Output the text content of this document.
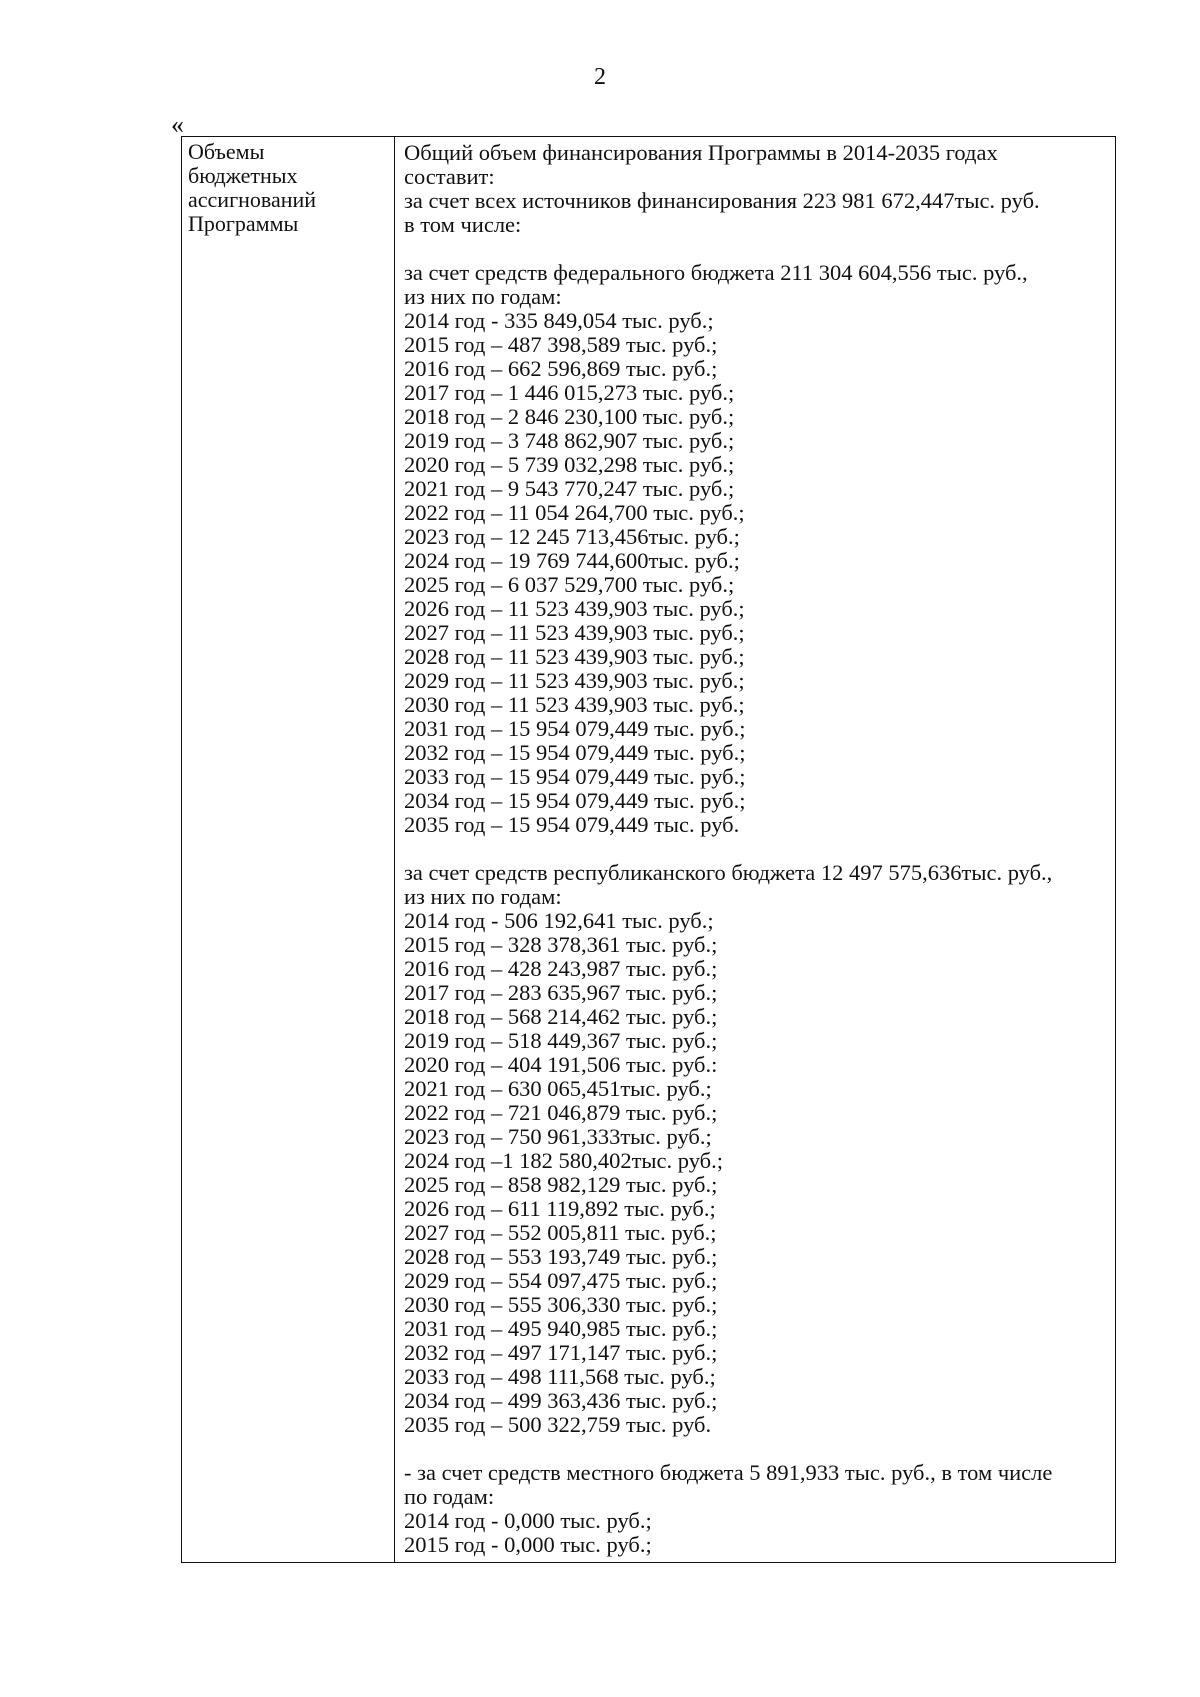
2
«
Объемы
бюджетных
ассигнований
Программы
Общий объем финансирования Программы в 2014-2035 годах
составит:
за счет всех источников финансирования 223 981 672,447тыс. руб.
в том числе:
за счет средств федерального бюджета 211 304 604,556 тыс. руб.,
из них по годам:
2014 год - 335 849,054 тыс. руб.;
2015 год – 487 398,589 тыс. руб.;
2016 год – 662 596,869 тыс. руб.;
2017 год – 1 446 015,273 тыс. руб.;
2018 год – 2 846 230,100 тыс. руб.;
2019 год – 3 748 862,907 тыс. руб.;
2020 год – 5 739 032,298 тыс. руб.;
2021 год – 9 543 770,247 тыс. руб.;
2022 год – 11 054 264,700 тыс. руб.;
2023 год – 12 245 713,456тыс. руб.;
2024 год – 19 769 744,600тыс. руб.;
2025 год – 6 037 529,700 тыс. руб.;
2026 год – 11 523 439,903 тыс. руб.;
2027 год – 11 523 439,903 тыс. руб.;
2028 год – 11 523 439,903 тыс. руб.;
2029 год – 11 523 439,903 тыс. руб.;
2030 год – 11 523 439,903 тыс. руб.;
2031 год – 15 954 079,449 тыс. руб.;
2032 год – 15 954 079,449 тыс. руб.;
2033 год – 15 954 079,449 тыс. руб.;
2034 год – 15 954 079,449 тыс. руб.;
2035 год – 15 954 079,449 тыс. руб.
за счет средств республиканского бюджета 12 497 575,636тыс. руб.,
из них по годам:
2014 год - 506 192,641 тыс. руб.;
2015 год – 328 378,361 тыс. руб.;
2016 год – 428 243,987 тыс. руб.;
2017 год – 283 635,967 тыс. руб.;
2018 год – 568 214,462 тыс. руб.;
2019 год – 518 449,367 тыс. руб.;
2020 год – 404 191,506 тыс. руб.:
2021 год – 630 065,451тыс. руб.;
2022 год – 721 046,879 тыс. руб.;
2023 год – 750 961,333тыс. руб.;
2024 год –1 182 580,402тыс. руб.;
2025 год – 858 982,129 тыс. руб.;
2026 год – 611 119,892 тыс. руб.;
2027 год – 552 005,811 тыс. руб.;
2028 год – 553 193,749 тыс. руб.;
2029 год – 554 097,475 тыс. руб.;
2030 год – 555 306,330 тыс. руб.;
2031 год – 495 940,985 тыс. руб.;
2032 год – 497 171,147 тыс. руб.;
2033 год – 498 111,568 тыс. руб.;
2034 год – 499 363,436 тыс. руб.;
2035 год – 500 322,759 тыс. руб.
- за счет средств местного бюджета 5 891,933 тыс. руб., в том числе
по годам:
2014 год - 0,000 тыс. руб.;
2015 год - 0,000 тыс. руб.;
